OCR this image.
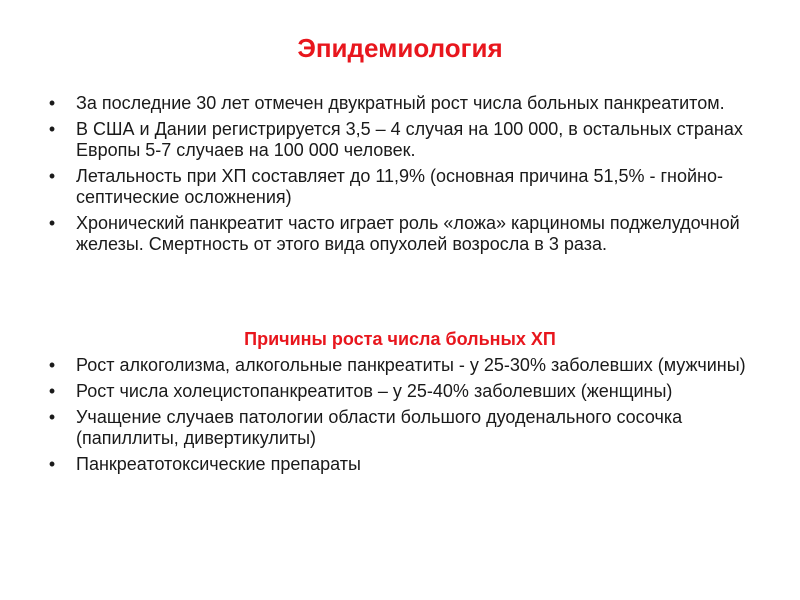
Эпидемиология
• За последние 30 лет отмечен двукратный рост числа больных панкреатитом.
• В США и Дании регистрируется 3,5 – 4 случая на 100 000, в остальных странах Европы 5-7 случаев на 100 000 человек.
• Летальность при ХП составляет до 11,9% (основная причина 51,5% - гнойно-септические осложнения)
• Хронический панкреатит часто играет роль «ложа» карциномы поджелудочной железы. Смертность от этого вида опухолей возросла в 3 раза.
Причины роста числа больных ХП
• Рост алкоголизма, алкогольные панкреатиты - у 25-30% заболевших (мужчины)
• Рост числа холецистопанкреатитов – у 25-40% заболевших (женщины)
• Учащение случаев патологии области большого дуоденального сосочка (папиллиты, дивертикулиты)
• Панкреатотоксические препараты
